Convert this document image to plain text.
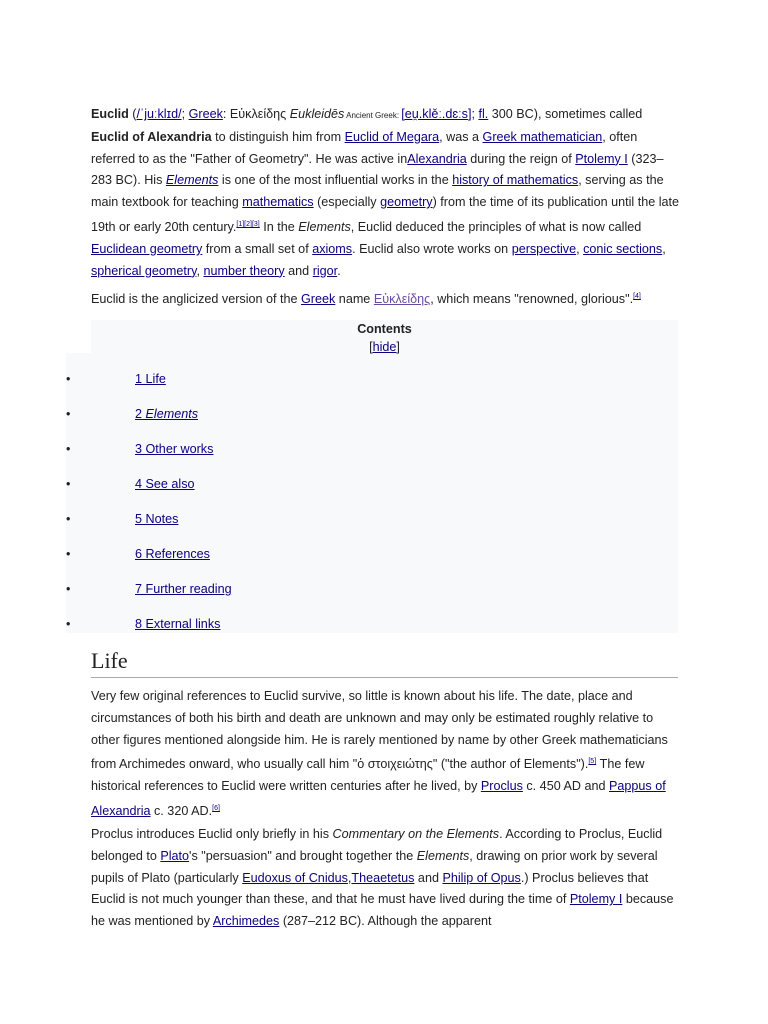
Euclid (/ˈjuːklɪd/; Greek: Εὐκλείδης Eukleidēs Ancient Greek: [eu̯.klěː.dɛːs]; fl. 300 BC), sometimes called Euclid of Alexandria to distinguish him from Euclid of Megara, was a Greek mathematician, often referred to as the "Father of Geometry". He was active inAlexandria during the reign of Ptolemy I (323–283 BC). His Elements is one of the most influential works in the history of mathematics, serving as the main textbook for teaching mathematics (especially geometry) from the time of its publication until the late 19th or early 20th century.[1][2][3] In the Elements, Euclid deduced the principles of what is now called Euclidean geometry from a small set of axioms. Euclid also wrote works on perspective, conic sections, spherical geometry, number theory and rigor.

Euclid is the anglicized version of the Greek name Εὐκλείδης, which means "renowned, glorious".[4]

Contents
[hide]
•	1 Life
•	2 Elements
•	3 Other works
•	4 See also
•	5 Notes
•	6 References
•	7 Further reading
•	8 External links
Life

Very few original references to Euclid survive, so little is known about his life. The date, place and circumstances of both his birth and death are unknown and may only be estimated roughly relative to other figures mentioned alongside him. He is rarely mentioned by name by other Greek mathematicians from Archimedes onward, who usually call him "ὁ στοιχειώτης" ("the author of Elements").[5] The few historical references to Euclid were written centuries after he lived, by Proclus c. 450 AD and Pappus of Alexandria c. 320 AD.[6]

Proclus introduces Euclid only briefly in his Commentary on the Elements. According to Proclus, Euclid belonged to Plato's "persuasion" and brought together the Elements, drawing on prior work by several pupils of Plato (particularly Eudoxus of Cnidus,Theaetetus and Philip of Opus.) Proclus believes that Euclid is not much younger than these, and that he must have lived during the time of Ptolemy I because he was mentioned by Archimedes (287–212 BC). Although the apparent
